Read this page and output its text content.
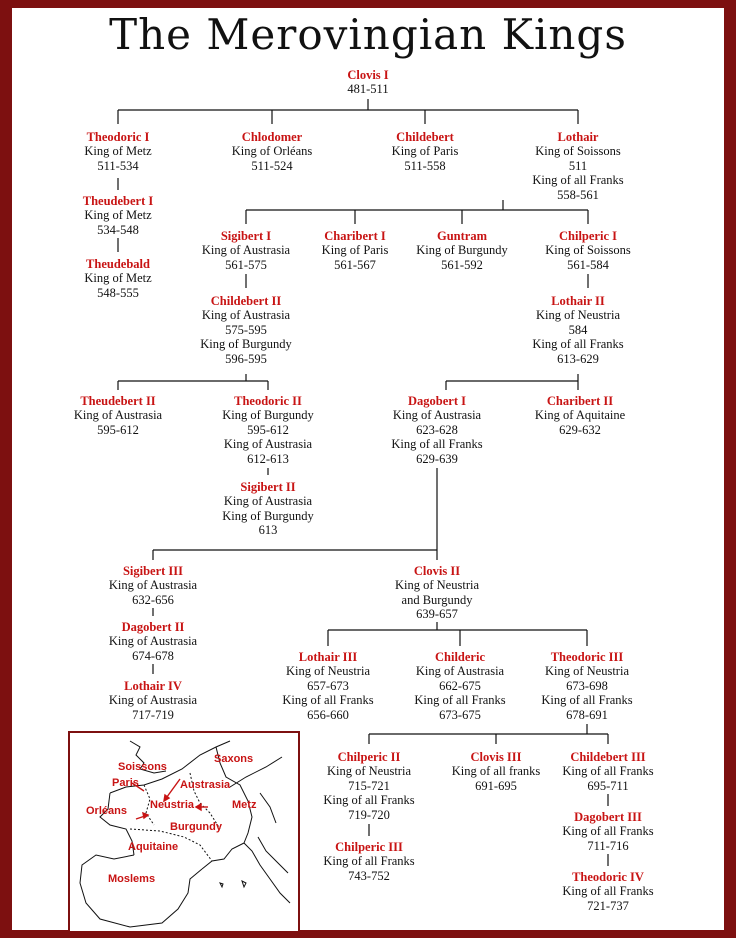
The Merovingian Kings
Clovis I
481-511
Theodoric I
King of Metz
511-534
Chlodomer
King of Orléans
511-524
Childebert
King of Paris
511-558
Lothair
King of Soissons
511
King of all Franks
558-561
Theudebert I
King of Metz
534-548
Theudebald
King of Metz
548-555
Sigibert I
King of Austrasia
561-575
Charibert I
King of Paris
561-567
Guntram
King of Burgundy
561-592
Chilperic I
King of Soissons
561-584
Childebert II
King of Austrasia
575-595
King of Burgundy
596-595
Lothair II
King of Neustria
584
King of all Franks
613-629
Theudebert II
King of Austrasia
595-612
Theodoric II
King of Burgundy
595-612
King of Austrasia
612-613
Dagobert I
King of Austrasia
623-628
King of all Franks
629-639
Charibert II
King of Aquitaine
629-632
Sigibert II
King of Austrasia
King of Burgundy
613
Sigibert III
King of Austrasia
632-656
Clovis II
King of Neustria
and Burgundy
639-657
Dagobert II
King of Austrasia
674-678
Lothair IV
King of Austrasia
717-719
Lothair III
King of Neustria
657-673
King of all Franks
656-660
Childeric
King of Austrasia
662-675
King of all Franks
673-675
Theodoric III
King of Neustria
673-698
King of all Franks
678-691
Chilperic II
King of Neustria
715-721
King of all Franks
719-720
Clovis III
King of all franks
691-695
Childebert III
King of all Franks
695-711
Chilperic III
King of all Franks
743-752
Dagobert III
King of all Franks
711-716
Theodoric IV
King of all Franks
721-737
Saxons
Soissons
Paris	Austrasia
Orléans Neustria	Metz
Burgundy
Aquitaine
Moslems
